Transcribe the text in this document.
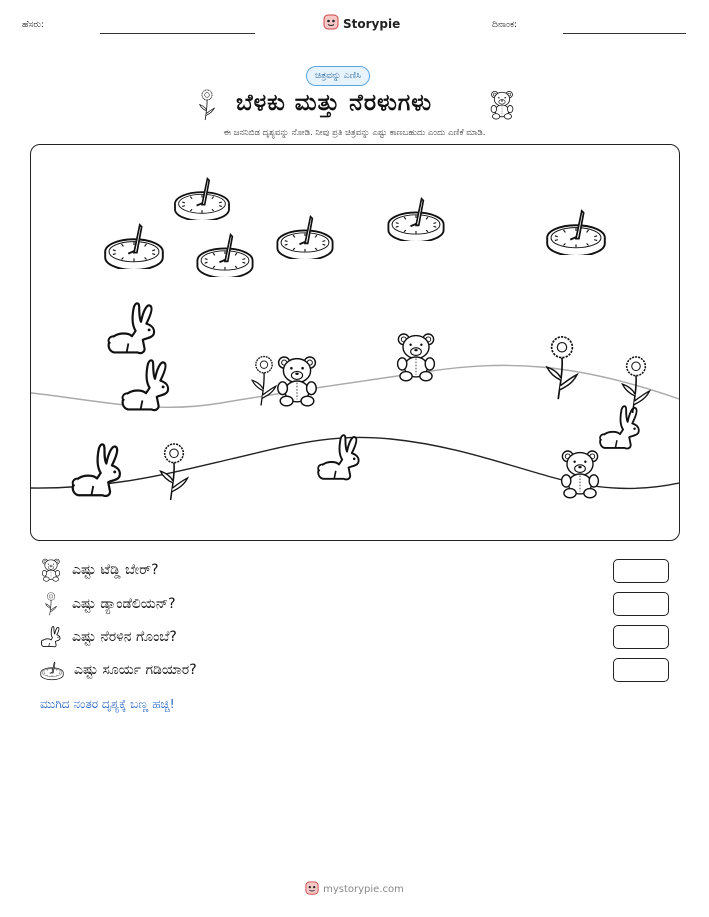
ಹೆಸರು:	Storypie	ದಿನಾಂಕ:
ಚಿತ್ರವನ್ನು ಎಣಿಸಿ
ಬೆಳಕು ಮತ್ತು ನೆರಳುಗಳು
ಈ ಜನನಿಬಿಡ ದೃಶ್ಯವನ್ನು ನೋಡಿ. ನೀವು ಪ್ರತಿ ಚಿತ್ರವನ್ನು ಎಷ್ಟು ಕಾಣಬಹುದು ಎಂದು ಎಣಿಕೆ ಮಾಡಿ.
ಎಷ್ಟು ಟೆಡ್ಡಿ ಬೇರ್?
ಎಷ್ಟು ಡ್ಯಾಂಡೆಲಿಯನ್?
ಎಷ್ಟು ನೆರಳಿನ ಗೊಂಬೆ?
ಎಷ್ಟು ಸೂರ್ಯ ಗಡಿಯಾರ?
ಮುಗಿದ ನಂತರ ದೃಶ್ಯಕ್ಕೆ ಬಣ್ಣ ಹಚ್ಚಿ!
mystorypie.com
